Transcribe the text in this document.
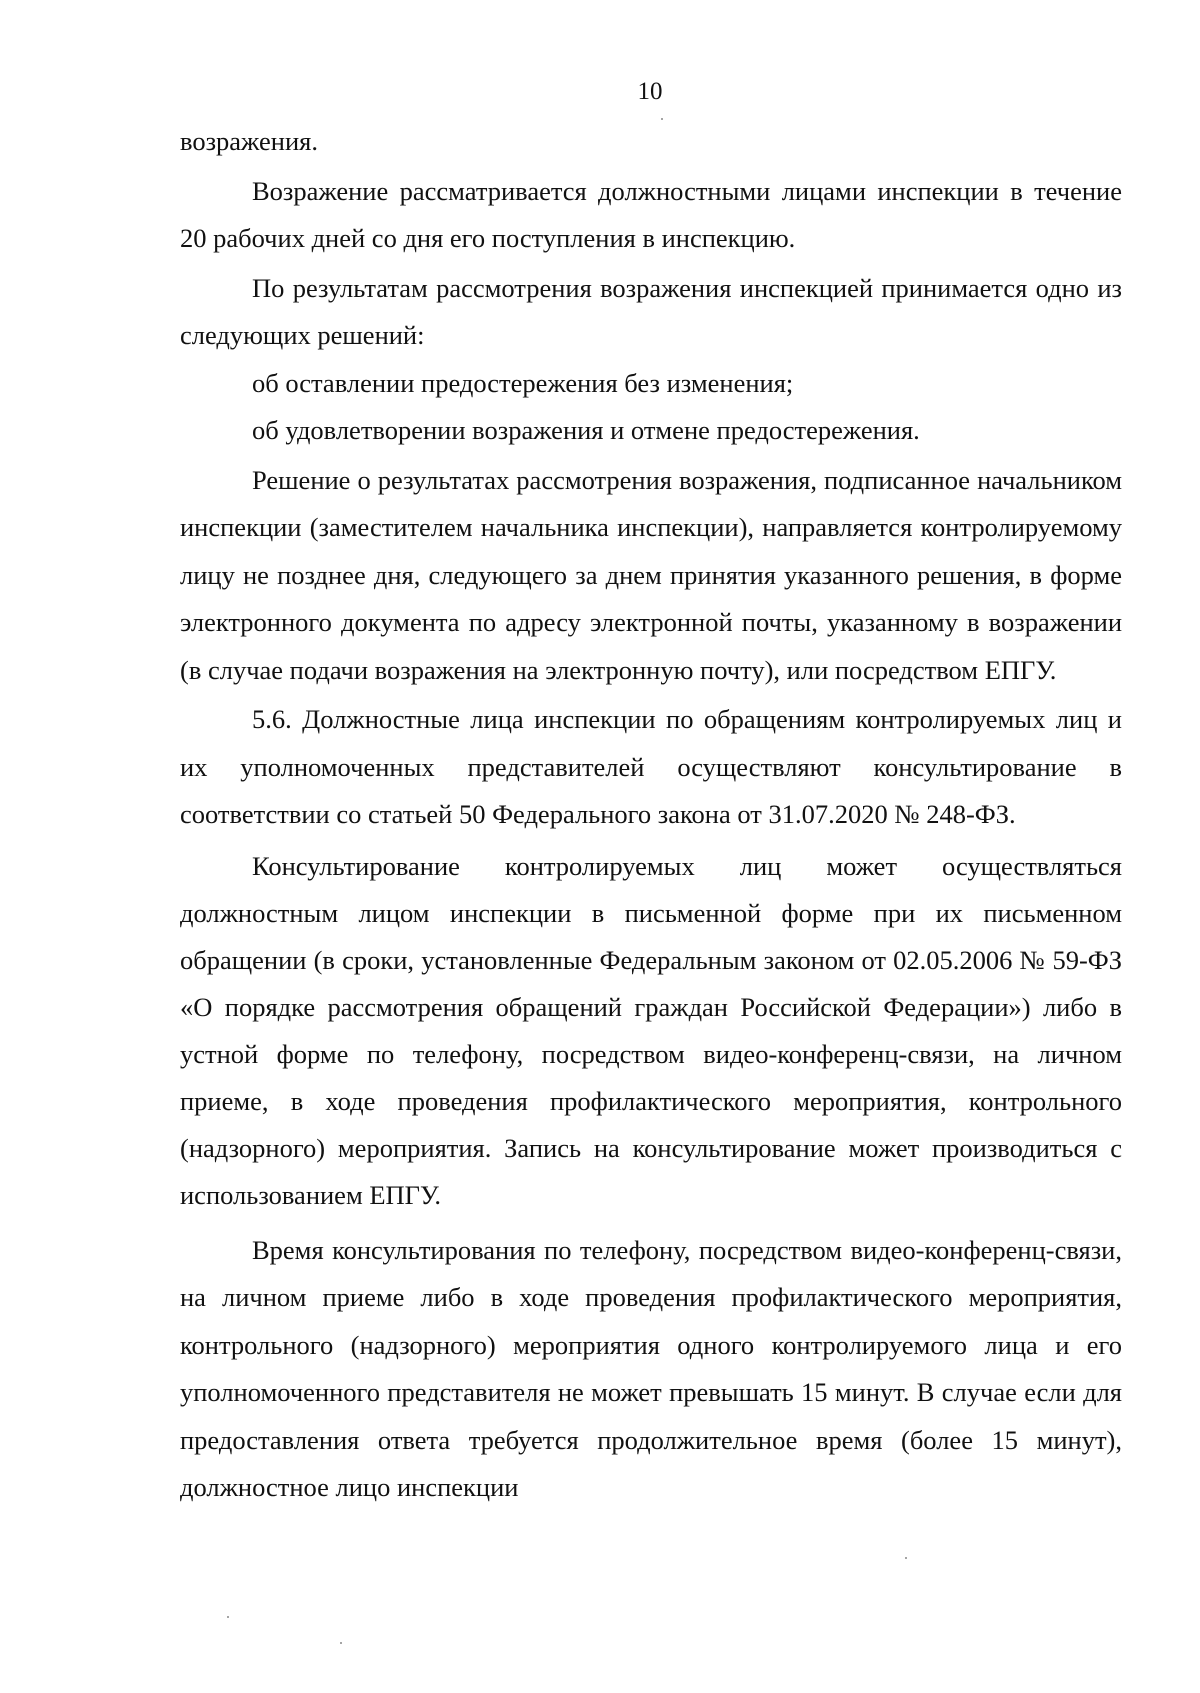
10

возражения.

Возражение рассматривается должностными лицами инспекции в течение 20 рабочих дней со дня его поступления в инспекцию.

По результатам рассмотрения возражения инспекцией принимается одно из следующих решений:

об оставлении предостережения без изменения;

об удовлетворении возражения и отмене предостережения.

Решение о результатах рассмотрения возражения, подписанное начальником инспекции (заместителем начальника инспекции), направляется контролируемому лицу не позднее дня, следующего за днем принятия указанного решения, в форме электронного документа по адресу электронной почты, указанному в возражении (в случае подачи возражения на электронную почту), или посредством ЕПГУ.

5.6. Должностные лица инспекции по обращениям контролируемых лиц и их уполномоченных представителей осуществляют консультирование в соответствии со статьей 50 Федерального закона от 31.07.2020 № 248-ФЗ.

Консультирование контролируемых лиц может осуществляться должностным лицом инспекции в письменной форме при их письменном обращении (в сроки, установленные Федеральным законом от 02.05.2006 № 59-ФЗ «О порядке рассмотрения обращений граждан Российской Федерации») либо в устной форме по телефону, посредством видео-конференц-связи, на личном приеме, в ходе проведения профилактического мероприятия, контрольного (надзорного) мероприятия. Запись на консультирование может производиться с использованием ЕПГУ.

Время консультирования по телефону, посредством видео-конференц-связи, на личном приеме либо в ходе проведения профилактического мероприятия, контрольного (надзорного) мероприятия одного контролируемого лица и его уполномоченного представителя не может превышать 15 минут. В случае если для предоставления ответа требуется продолжительное время (более 15 минут), должностное лицо инспекции
